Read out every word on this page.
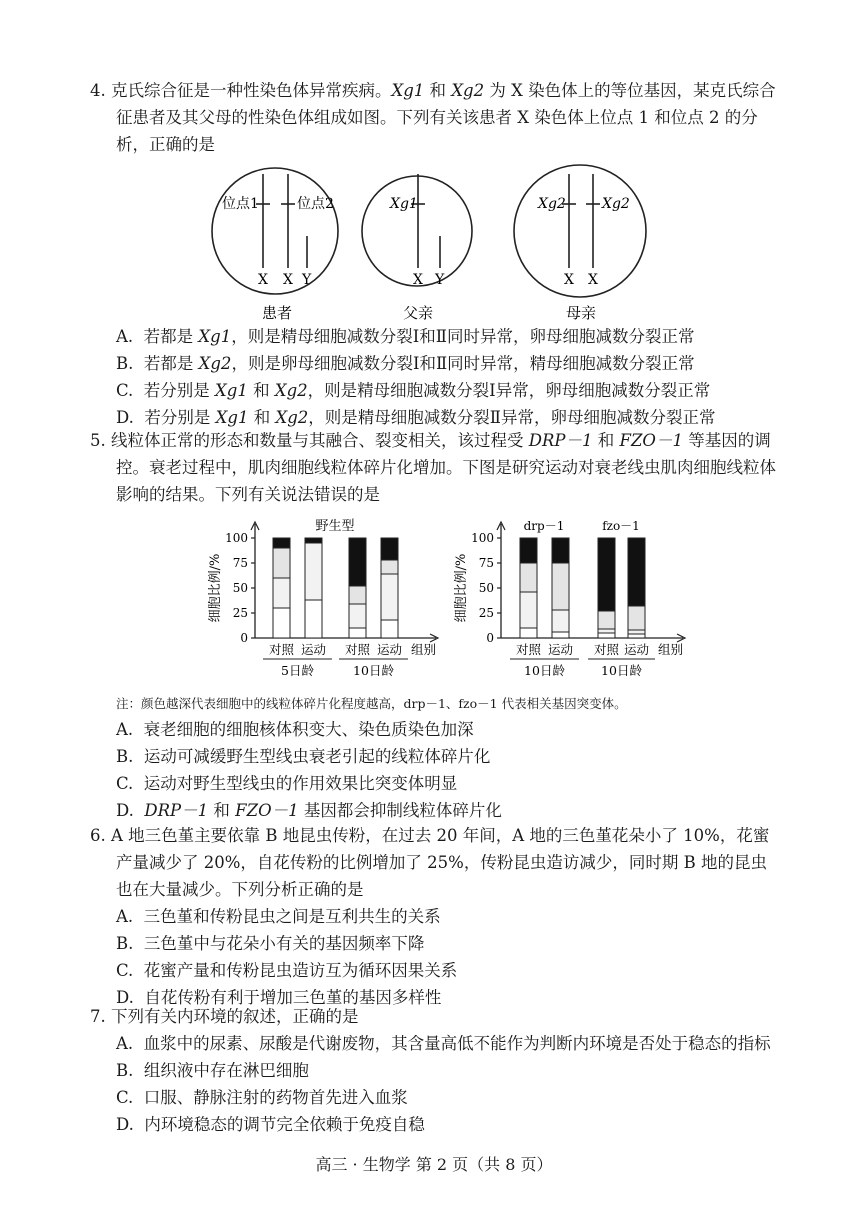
4. 克氏综合征是一种性染色体异常疾病。Xg1 和 Xg2 为 X 染色体上的等位基因，某克氏综合征患者及其父母的性染色体组成如图。下列有关该患者 X 染色体上位点 1 和位点 2 的分析，正确的是

位点1	位点2
X X Y
患者
Xg1
X Y
父亲
Xg2	Xg2
X X
母亲

A. 若都是 Xg1，则是精母细胞减数分裂Ⅰ和Ⅱ同时异常，卵母细胞减数分裂正常

B. 若都是 Xg2，则是卵母细胞减数分裂Ⅰ和Ⅱ同时异常，精母细胞减数分裂正常

C. 若分别是 Xg1 和 Xg2，则是精母细胞减数分裂Ⅰ异常，卵母细胞减数分裂正常

D. 若分别是 Xg1 和 Xg2，则是精母细胞减数分裂Ⅱ异常，卵母细胞减数分裂正常

5. 线粒体正常的形态和数量与其融合、裂变相关，该过程受 DRP－1 和 FZO－1 等基因的调控。衰老过程中，肌肉细胞线粒体碎片化增加。下图是研究运动对衰老线虫肌肉细胞线粒体影响的结果。下列有关说法错误的是

0
25
50
75
100
细胞比例/%
对照 运动 对照 运动
5日龄	10日龄
组别
野生型
0
25
50
75
100
细胞比例/%
对照 运动 对照 运动
10日龄	10日龄
组别
drp－1	fzo－1
注：颜色越深代表细胞中的线粒体碎片化程度越高，drp－1、fzo－1 代表相关基因突变体。

A. 衰老细胞的细胞核体积变大、染色质染色加深

B. 运动可减缓野生型线虫衰老引起的线粒体碎片化

C. 运动对野生型线虫的作用效果比突变体明显

D. DRP－1 和 FZO－1 基因都会抑制线粒体碎片化

6. A 地三色堇主要依靠 B 地昆虫传粉，在过去 20 年间，A 地的三色堇花朵小了 10%，花蜜产量减少了 20%，自花传粉的比例增加了 25%，传粉昆虫造访减少，同时期 B 地的昆虫也在大量减少。下列分析正确的是

A. 三色堇和传粉昆虫之间是互利共生的关系

B. 三色堇中与花朵小有关的基因频率下降

C. 花蜜产量和传粉昆虫造访互为循环因果关系

D. 自花传粉有利于增加三色堇的基因多样性

7. 下列有关内环境的叙述，正确的是

A. 血浆中的尿素、尿酸是代谢废物，其含量高低不能作为判断内环境是否处于稳态的指标

B. 组织液中存在淋巴细胞

C. 口服、静脉注射的药物首先进入血浆

D. 内环境稳态的调节完全依赖于免疫自稳

高三 · 生物学 第 2 页（共 8 页）
